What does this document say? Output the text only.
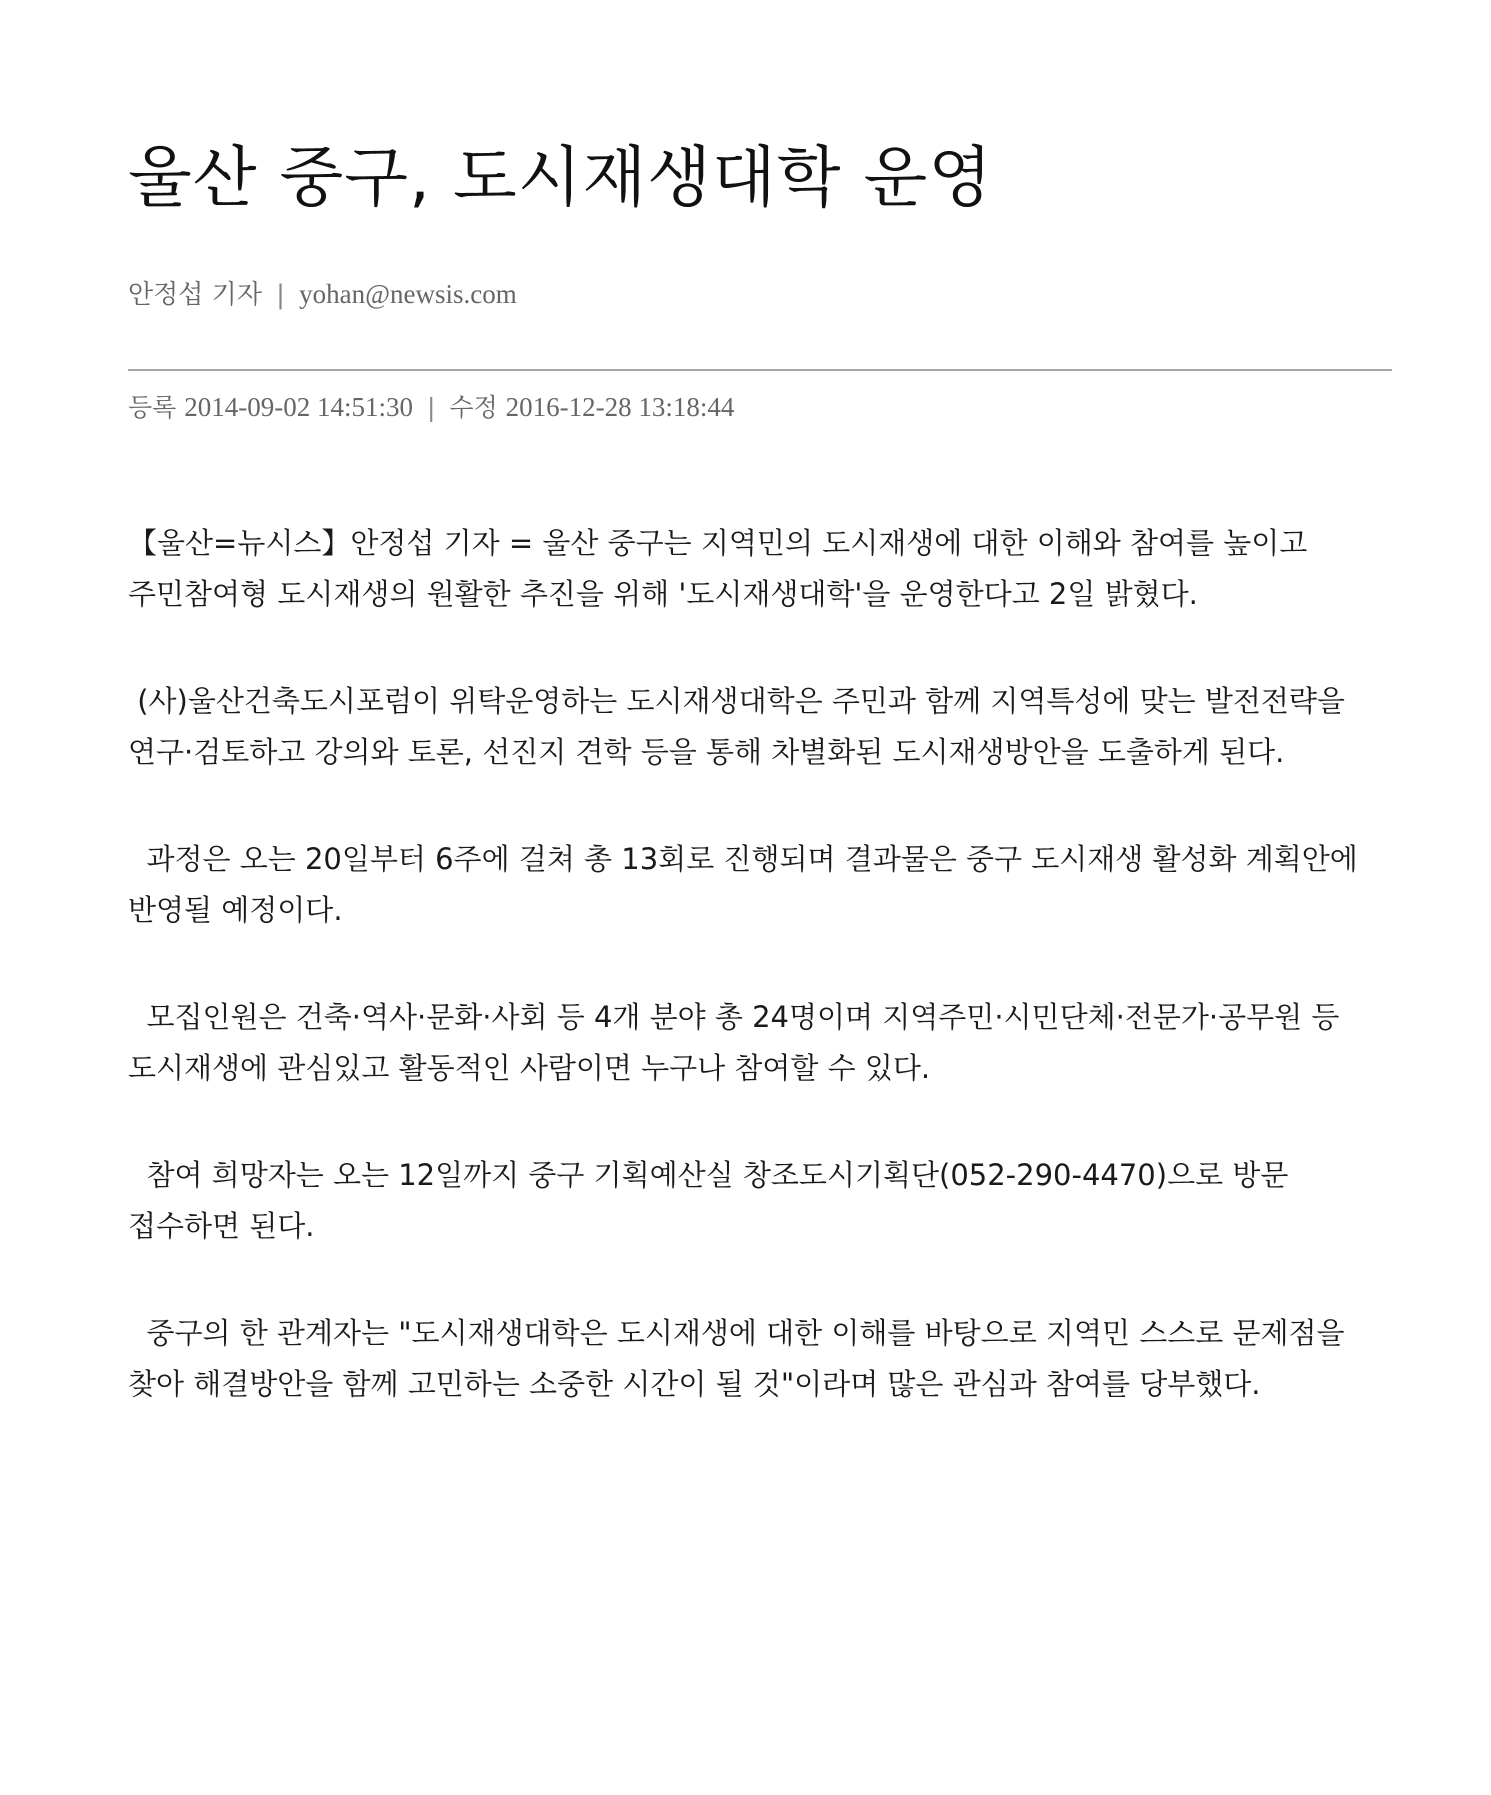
울산 중구, 도시재생대학 운영
안정섭 기자 | yohan@newsis.com
등록 2014-09-02 14:51:30 | 수정 2016-12-28 13:18:44

【울산=뉴시스】안정섭 기자 = 울산 중구는 지역민의 도시재생에 대한 이해와 참여를 높이고 주민참여형 도시재생의 원활한 추진을 위해 '도시재생대학'을 운영한다고 2일 밝혔다.

(사)울산건축도시포럼이 위탁운영하는 도시재생대학은 주민과 함께 지역특성에 맞는 발전전략을 연구·검토하고 강의와 토론, 선진지 견학 등을 통해 차별화된 도시재생방안을 도출하게 된다.

과정은 오는 20일부터 6주에 걸쳐 총 13회로 진행되며 결과물은 중구 도시재생 활성화 계획안에 반영될 예정이다.

모집인원은 건축·역사·문화·사회 등 4개 분야 총 24명이며 지역주민·시민단체·전문가·공무원 등 도시재생에 관심있고 활동적인 사람이면 누구나 참여할 수 있다.

참여 희망자는 오는 12일까지 중구 기획예산실 창조도시기획단(052-290-4470)으로 방문 접수하면 된다.

중구의 한 관계자는 "도시재생대학은 도시재생에 대한 이해를 바탕으로 지역민 스스로 문제점을 찾아 해결방안을 함께 고민하는 소중한 시간이 될 것"이라며 많은 관심과 참여를 당부했다.
